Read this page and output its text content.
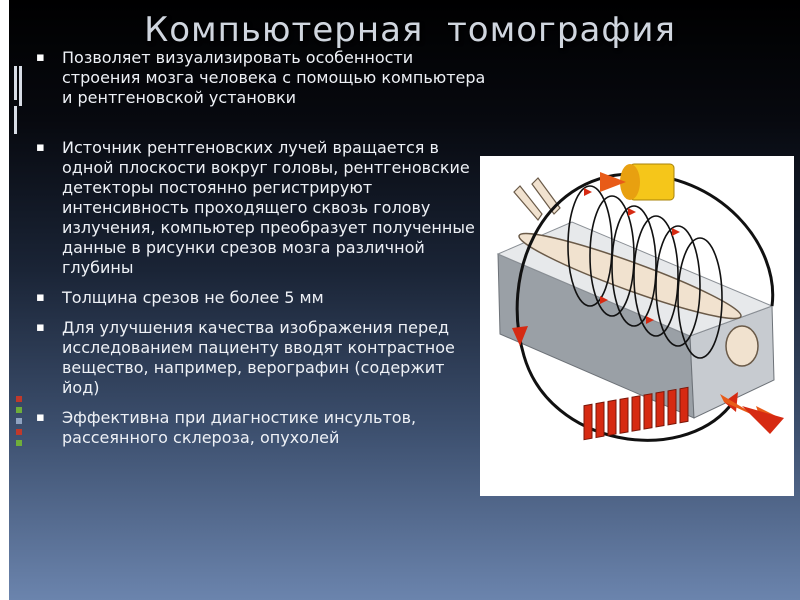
Компьютерная  томография
▪ Позволяет визуализировать особенности строения мозга человека с помощью компьютера и рентгеновской установки
▪ Источник рентгеновских лучей вращается в одной плоскости вокруг головы, рентгеновские детекторы постоянно регистрируют интенсивность проходящего сквозь голову излучения, компьютер преобразует полученные данные в рисунки срезов мозга различной глубины
▪ Толщина срезов не более 5 мм
▪ Для улучшения качества изображения перед исследованием пациенту вводят контрастное вещество, например, верографин (содержит йод)
▪ Эффективна при диагностике инсультов, рассеянного склероза, опухолей
